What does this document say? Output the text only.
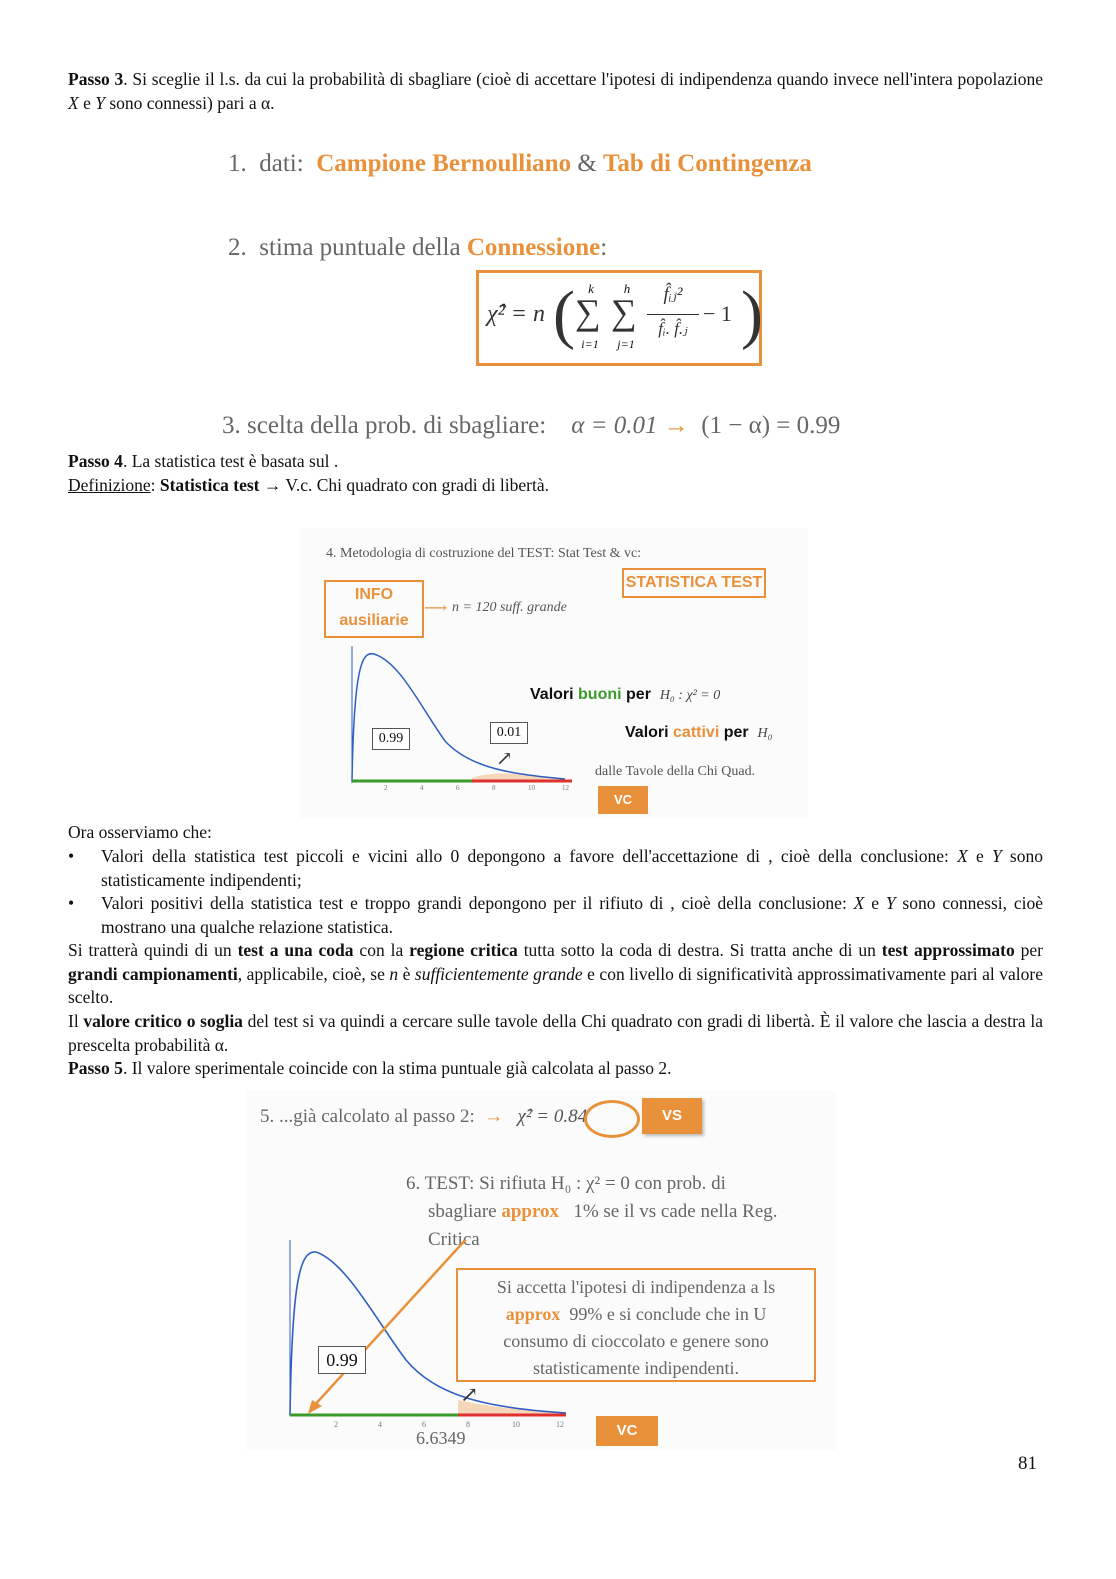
Passo 3. Si sceglie il l.s. da cui la probabilità di sbagliare (cioè di accettare l'ipotesi di indipendenza quando invece nell'intera popolazione X e Y sono connessi) pari a α.
1. dati: Campione Bernoulliano & Tab di Contingenza
2. stima puntuale della Connessione:
χ̂² = n (	k
∑
i=1
h
∑
j=1
f̂ᵢⱼ²
f̂ᵢ. f̂.ⱼ
− 1 )
3. scelta della prob. di sbagliare: α = 0.01 → (1 − α) = 0.99
Passo 4. La statistica test è basata sul .
Definizione: Statistica test → V.c. Chi quadrato con gradi di libertà.
4. Metodologia di costruzione del TEST: Stat Test & vc:
STATISTICA TEST
INFO
ausiliarie
⟶ n = 120 suff. grande
2	4	6	8	10	12
0.99	0.01
↗
Valori buoni per H₀ : χ² = 0
Valori cattivi per H₀
dalle Tavole della Chi Quad.
VC
Ora osserviamo che:
• Valori della statistica test piccoli e vicini allo 0 depongono a favore dell'accettazione di , cioè della conclusione: X e Y sono statisticamente indipendenti;
• Valori positivi della statistica test e troppo grandi depongono per il rifiuto di , cioè della conclusione: X e Y sono connessi, cioè mostrano una qualche relazione statistica.
Si tratterà quindi di un test a una coda con la regione critica tutta sotto la coda di destra. Si tratta anche di un test approssimato per grandi campionamenti, applicabile, cioè, se n è sufficientemente grande e con livello di significatività approssimativamente pari al valore scelto.
Il valore critico o soglia del test si va quindi a cercare sulle tavole della Chi quadrato con gradi di libertà. È il valore che lascia a destra la prescelta probabilità α.
Passo 5. Il valore sperimentale coincide con la stima puntuale già calcolata al passo 2.
5. ...già calcolato al passo 2: → χ̂² = 0.84	VS
6. TEST: Si rifiuta H₀ : χ² = 0 con prob. di
sbagliare approx 1% se il vs cade nella Reg.
Critica
Si accetta l'ipotesi di indipendenza a ls
approx 99% e si conclude che in U
consumo di cioccolato e genere sono
statisticamente indipendenti.
2	4	6	8	10	12
0.99
↗
6.6349	VC
81
